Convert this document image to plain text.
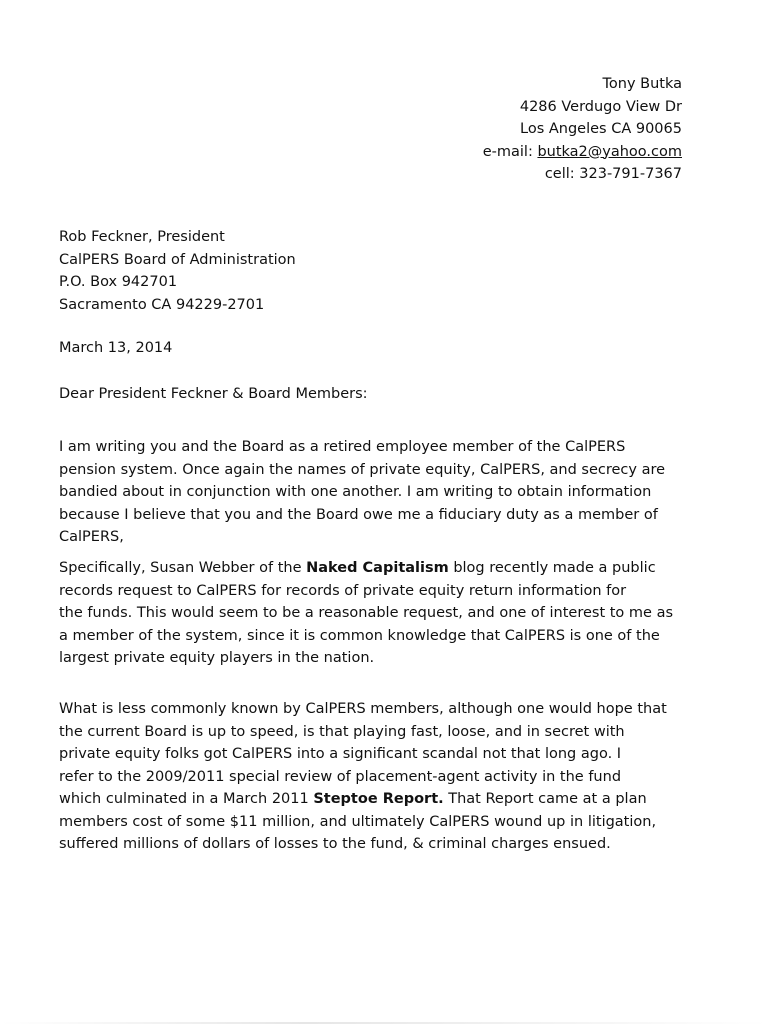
Tony Butka
4286 Verdugo View Dr
Los Angeles CA 90065
e-mail: butka2@yahoo.com
cell: 323-791-7367
Rob Feckner, President
CalPERS Board of Administration
P.O. Box 942701
Sacramento CA 94229-2701
March 13, 2014
Dear President Feckner & Board Members:
I am writing you and the Board as a retired employee member of the CalPERS
pension system. Once again the names of private equity, CalPERS, and secrecy are
bandied about in conjunction with one another. I am writing to obtain information
because I believe that you and the Board owe me a fiduciary duty as a member of
CalPERS,
Specifically, Susan Webber of the Naked Capitalism blog recently made a public
records request to CalPERS for records of private equity return information for
the funds. This would seem to be a reasonable request, and one of interest to me as
a member of the system, since it is common knowledge that CalPERS is one of the
largest private equity players in the nation.
What is less commonly known by CalPERS members, although one would hope that
the current Board is up to speed, is that playing fast, loose, and in secret with
private equity folks got CalPERS into a significant scandal not that long ago. I
refer to the 2009/2011 special review of placement-agent activity in the fund
which culminated in a March 2011 Steptoe Report. That Report came at a plan
members cost of some $11 million, and ultimately CalPERS wound up in litigation,
suffered millions of dollars of losses to the fund, & criminal charges ensued.
